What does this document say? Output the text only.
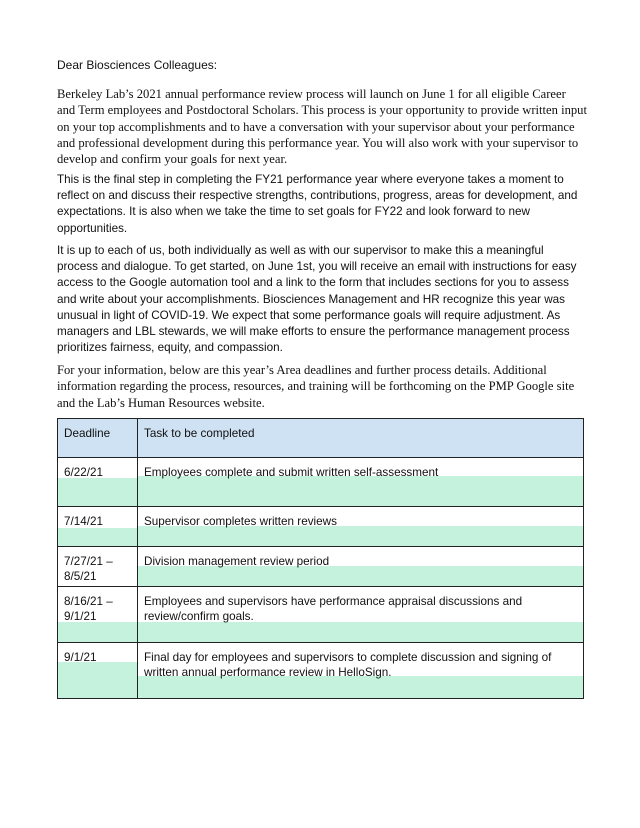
Dear Biosciences Colleagues:

Berkeley Lab’s 2021 annual performance review process will launch on June 1 for all eligible Career and Term employees and Postdoctoral Scholars. This process is your opportunity to provide written input on your top accomplishments and to have a conversation with your supervisor about your performance and professional development during this performance year. You will also work with your supervisor to develop and confirm your goals for next year.

This is the final step in completing the FY21 performance year where everyone takes a moment to reflect on and discuss their respective strengths, contributions, progress, areas for development, and expectations. It is also when we take the time to set goals for FY22 and look forward to new opportunities.

It is up to each of us, both individually as well as with our supervisor to make this a meaningful process and dialogue. To get started, on June 1st, you will receive an email with instructions for easy access to the Google automation tool and a link to the form that includes sections for you to assess and write about your accomplishments. Biosciences Management and HR recognize this year was unusual in light of COVID-19. We expect that some performance goals will require adjustment. As managers and LBL stewards, we will make efforts to ensure the performance management process prioritizes fairness, equity, and compassion.

For your information, below are this year’s Area deadlines and further process details. Additional information regarding the process, resources, and training will be forthcoming on the PMP Google site and the Lab’s Human Resources website.

Deadline	Task to be completed

6/22/21	Employees complete and submit written self-assessment

7/14/21	Supervisor completes written reviews

7/27/21 – 8/5/21	Division management review period

8/16/21 – 9/1/21	Employees and supervisors have performance appraisal discussions and review/confirm goals.

9/1/21	Final day for employees and supervisors to complete discussion and signing of written annual performance review in HelloSign.
